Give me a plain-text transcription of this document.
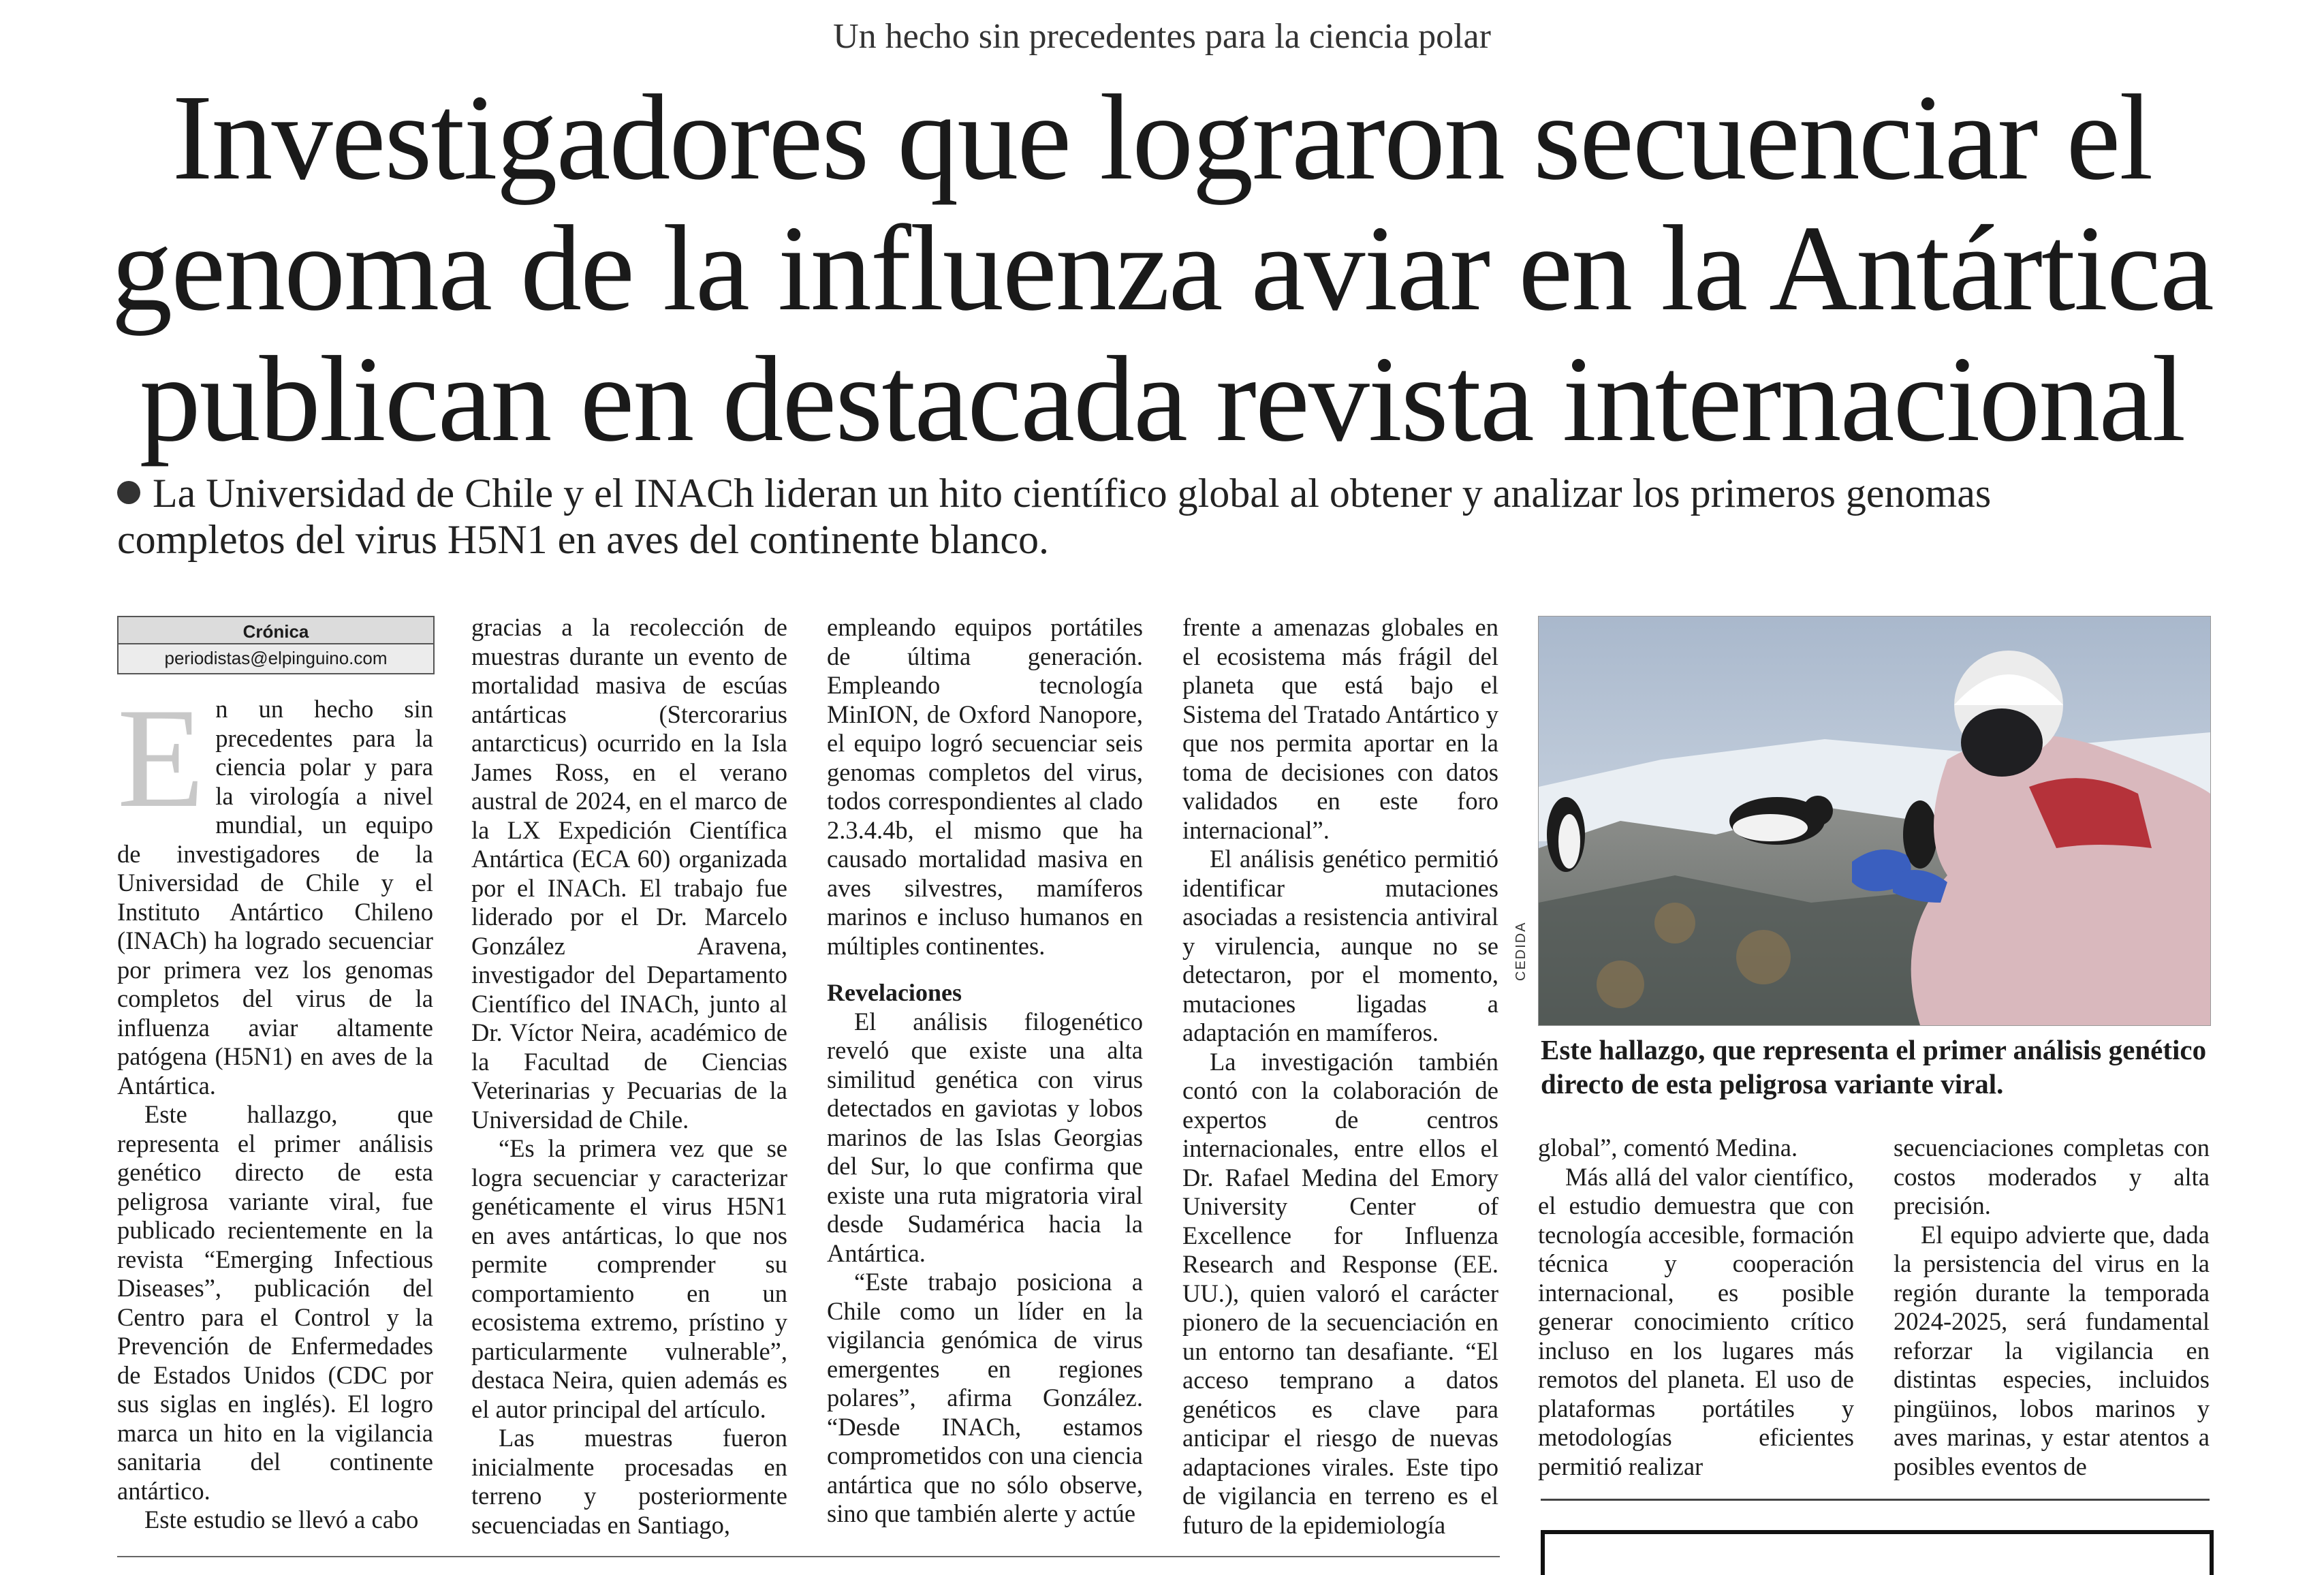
Un hecho sin precedentes para la ciencia polar
Investigadores que lograron secuenciar el
genoma de la influenza aviar en la Antártica
publican en destacada revista internacional
La Universidad de Chile y el INACh lideran un hito científico global al obtener y analizar los primeros genomas
completos del virus H5N1 en aves del continente blanco.
Crónica
periodistas@elpinguino.com

En un hecho sin precedentes para la ciencia polar y para la virología a nivel mundial, un equipo de investigadores de la Universidad de Chile y el Instituto Antártico Chileno (INACh) ha logrado secuenciar por primera vez los genomas completos del virus de la influenza aviar altamente patógena (H5N1) en aves de la Antártica.

Este hallazgo, que representa el primer análisis genético directo de esta peligrosa variante viral, fue publicado recientemente en la revista “Emerging Infectious Diseases”, publicación del Centro para el Control y la Prevención de Enfermedades de Estados Unidos (CDC por sus siglas en inglés). El logro marca un hito en la vigilancia sanitaria del continente antártico.

Este estudio se llevó a cabo

gracias a la recolección de muestras durante un evento de mortalidad masiva de escúas antárticas (Stercorarius antarcticus) ocurrido en la Isla James Ross, en el verano austral de 2024, en el marco de la LX Expedición Científica Antártica (ECA 60) organizada por el INACh. El trabajo fue liderado por el Dr. Marcelo González Aravena, investigador del Departamento Científico del INACh, junto al Dr. Víctor Neira, académico de la Facultad de Ciencias Veterinarias y Pecuarias de la Universidad de Chile.

“Es la primera vez que se logra secuenciar y caracterizar genéticamente el virus H5N1 en aves antárticas, lo que nos permite comprender su comportamiento en un ecosistema extremo, prístino y particularmente vulnerable”, destaca Neira, quien además es el autor principal del artículo.

Las muestras fueron inicialmente procesadas en terreno y posteriormente secuenciadas en Santiago,

empleando equipos portátiles de última generación. Empleando tecnología MinION, de Oxford Nanopore, el equipo logró secuenciar seis genomas completos del virus, todos correspondientes al clado 2.3.4.4b, el mismo que ha causado mortalidad masiva en aves silvestres, mamíferos marinos e incluso humanos en múltiples continentes.

Revelaciones

El análisis filogenético reveló que existe una alta similitud genética con virus detectados en gaviotas y lobos marinos de las Islas Georgias del Sur, lo que confirma que existe una ruta migratoria viral desde Sudamérica hacia la Antártica.

“Este trabajo posiciona a Chile como un líder en la vigilancia genómica de virus emergentes en regiones polares”, afirma González. “Desde INACh, estamos comprometidos con una ciencia antártica que no sólo observe, sino que también alerte y actúe

frente a amenazas globales en el ecosistema más frágil del planeta que está bajo el Sistema del Tratado Antártico y que nos permita aportar en la toma de decisiones con datos validados en este foro internacional”.

El análisis genético permitió identificar mutaciones asociadas a resistencia antiviral y virulencia, aunque no se detectaron, por el momento, mutaciones ligadas a adaptación en mamíferos.

La investigación también contó con la colaboración de expertos de centros internacionales, entre ellos el Dr. Rafael Medina del Emory University Center of Excellence for Influenza Research and Response (EE. UU.), quien valoró el carácter pionero de la secuenciación en un entorno tan desafiante. “El acceso temprano a datos genéticos es clave para anticipar el riesgo de nuevas adaptaciones virales. Este tipo de vigilancia en terreno es el futuro de la epidemiología

CEDIDA
Este hallazgo, que representa el primer análisis genético directo de esta peligrosa variante viral.

global”, comentó Medina.

Más allá del valor científico, el estudio demuestra que con tecnología accesible, formación técnica y cooperación internacional, es posible generar conocimiento crítico incluso en los lugares más remotos del planeta. El uso de plataformas portátiles y metodologías eficientes permitió realizar

secuenciaciones completas con costos moderados y alta precisión.

El equipo advierte que, dada la persistencia del virus en la región durante la temporada 2024-2025, será fundamental reforzar la vigilancia en distintas especies, incluidos pingüinos, lobos marinos y aves marinas, y estar atentos a posibles eventos de
